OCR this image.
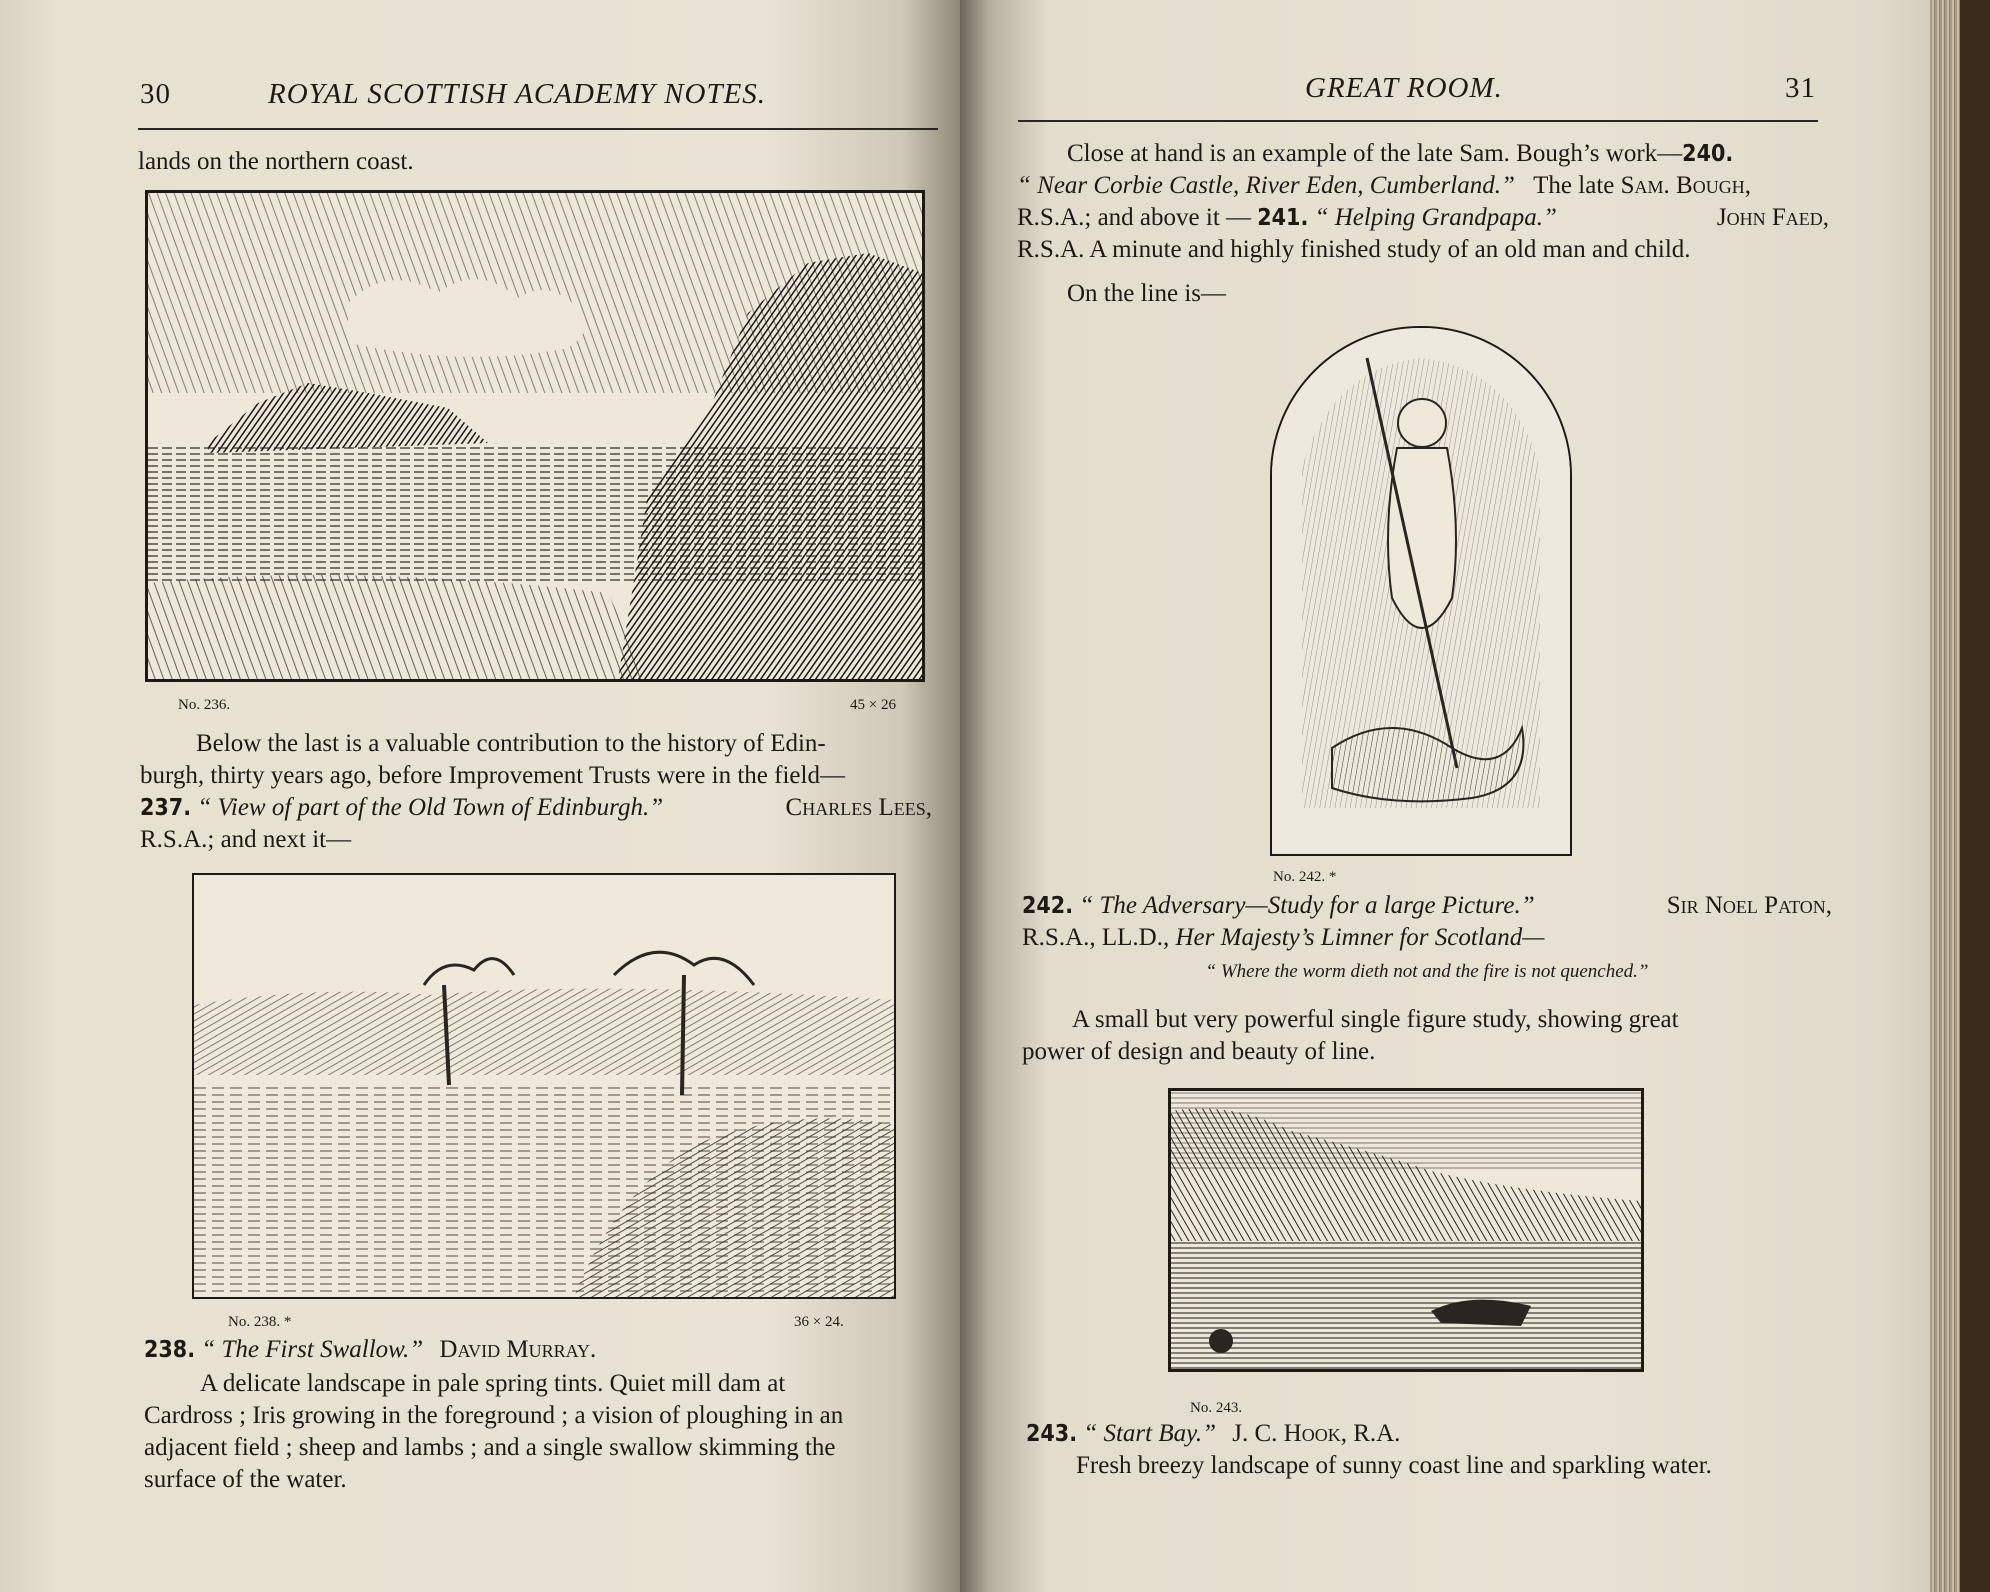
30	ROYAL SCOTTISH ACADEMY NOTES.
lands on the northern coast.
No. 236.	45 × 26

Below the last is a valuable contribution to the history of Edin-

burgh, thirty years ago, before Improvement Trusts were in the field—

237. “ View of part of the Old Town of Edinburgh.”	Charles Lees,

R.S.A.; and next it—

No. 238. *	36 × 24.

238. “ The First Swallow.” David Murray.

A delicate landscape in pale spring tints. Quiet mill dam at

Cardross ; Iris growing in the foreground ; a vision of ploughing in an

adjacent field ; sheep and lambs ; and a single swallow skimming the

surface of the water.

GREAT ROOM.	31

Close at hand is an example of the late Sam. Bough’s work—240.

“ Near Corbie Castle, River Eden, Cumberland.” The late Sam. Bough,

R.S.A.; and above it — 241. “ Helping Grandpapa.”	John Faed,

R.S.A. A minute and highly finished study of an old man and child.

On the line is—

No. 242. *

242. “ The Adversary—Study for a large Picture.”	Sir Noel Paton,

R.S.A., LL.D., Her Majesty’s Limner for Scotland—

“ Where the worm dieth not and the fire is not quenched.”

A small but very powerful single figure study, showing great

power of design and beauty of line.

No. 243.

243. “ Start Bay.” J. C. Hook, R.A.

Fresh breezy landscape of sunny coast line and sparkling water.
